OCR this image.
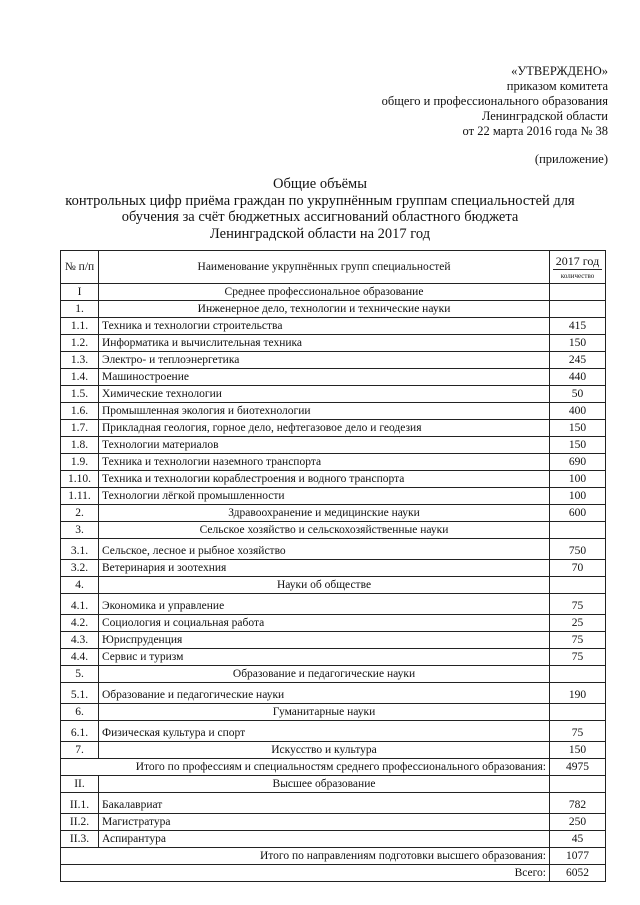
«УТВЕРЖДЕНО»
приказом комитета
общего и профессионального образования
Ленинградской области
от 22 марта 2016 года № 38
(приложение)
Общие объёмы
контрольных цифр приёма граждан по укрупнённым группам специальностей для
обучения за счёт бюджетных ассигнований областного бюджета
Ленинградской области на 2017 год
№ п/п	Наименование укрупнённых групп специальностей	2017 год
количество

I	Среднее профессиональное образование	
1.	Инженерное дело, технологии и технические науки	
1.1.	Техника и технологии строительства	415
1.2.	Информатика и вычислительная техника	150
1.3.	Электро- и теплоэнергетика	245
1.4.	Машиностроение	440
1.5.	Химические технологии	50
1.6.	Промышленная экология и биотехнологии	400
1.7.	Прикладная геология, горное дело, нефтегазовое дело и геодезия	150
1.8.	Технологии материалов	150
1.9.	Техника и технологии наземного транспорта	690
1.10.	Техника и технологии кораблестроения и водного транспорта	100
1.11.	Технологии лёгкой промышленности	100
2.	Здравоохранение и медицинские науки	600
3.	Сельское хозяйство и сельскохозяйственные науки	
3.1.	Сельское, лесное и рыбное хозяйство	750
3.2.	Ветеринария и зоотехния	70
4.	Науки об обществе	
4.1.	Экономика и управление	75
4.2.	Социология и социальная работа	25
4.3.	Юриспруденция	75
4.4.	Сервис и туризм	75
5.	Образование и педагогические науки	
5.1.	Образование и педагогические науки	190
6.	Гуманитарные науки	
6.1.	Физическая культура и спорт	75
7.	Искусство и культура	150
Итого по профессиям и специальностям среднего профессионального образования:		4975
II.	Высшее образование	
II.1.	Бакалавриат	782
II.2.	Магистратура	250
II.3.	Аспирантура	45
Итого по направлениям подготовки высшего образования:		1077
Всего:		6052
